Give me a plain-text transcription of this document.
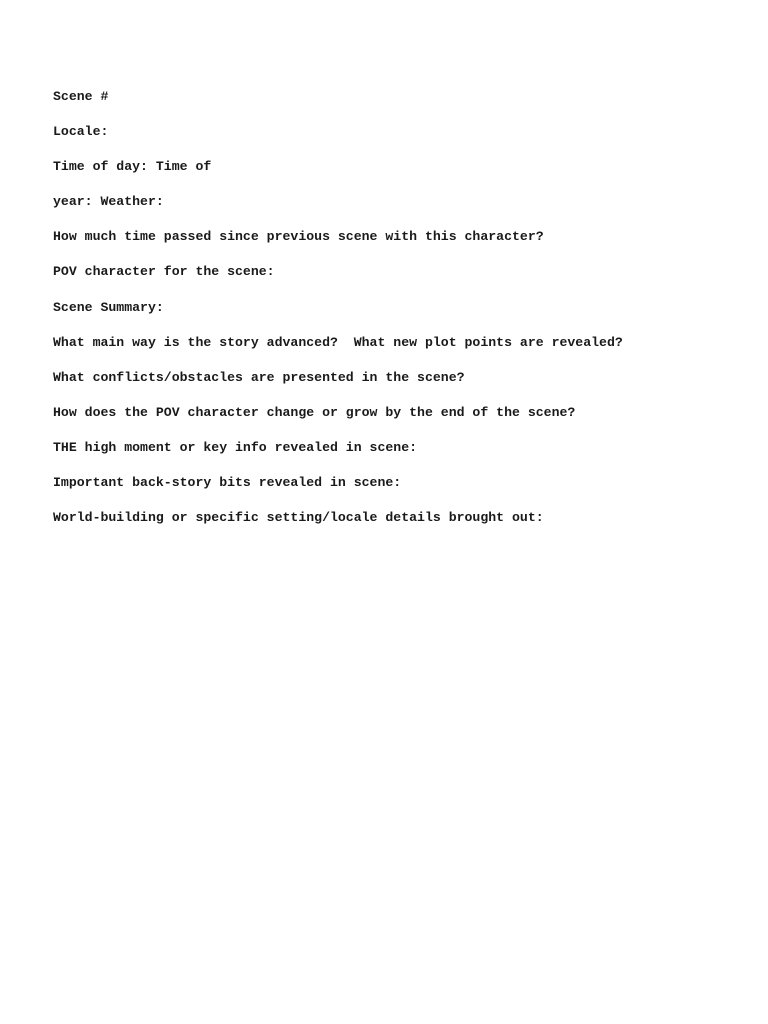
Scene #
Locale:
Time of day: Time of
year: Weather:
How much time passed since previous scene with this character?
POV character for the scene:
Scene Summary:
What main way is the story advanced?  What new plot points are revealed?
What conflicts/obstacles are presented in the scene?
How does the POV character change or grow by the end of the scene?
THE high moment or key info revealed in scene:
Important back-story bits revealed in scene:
World-building or specific setting/locale details brought out:
